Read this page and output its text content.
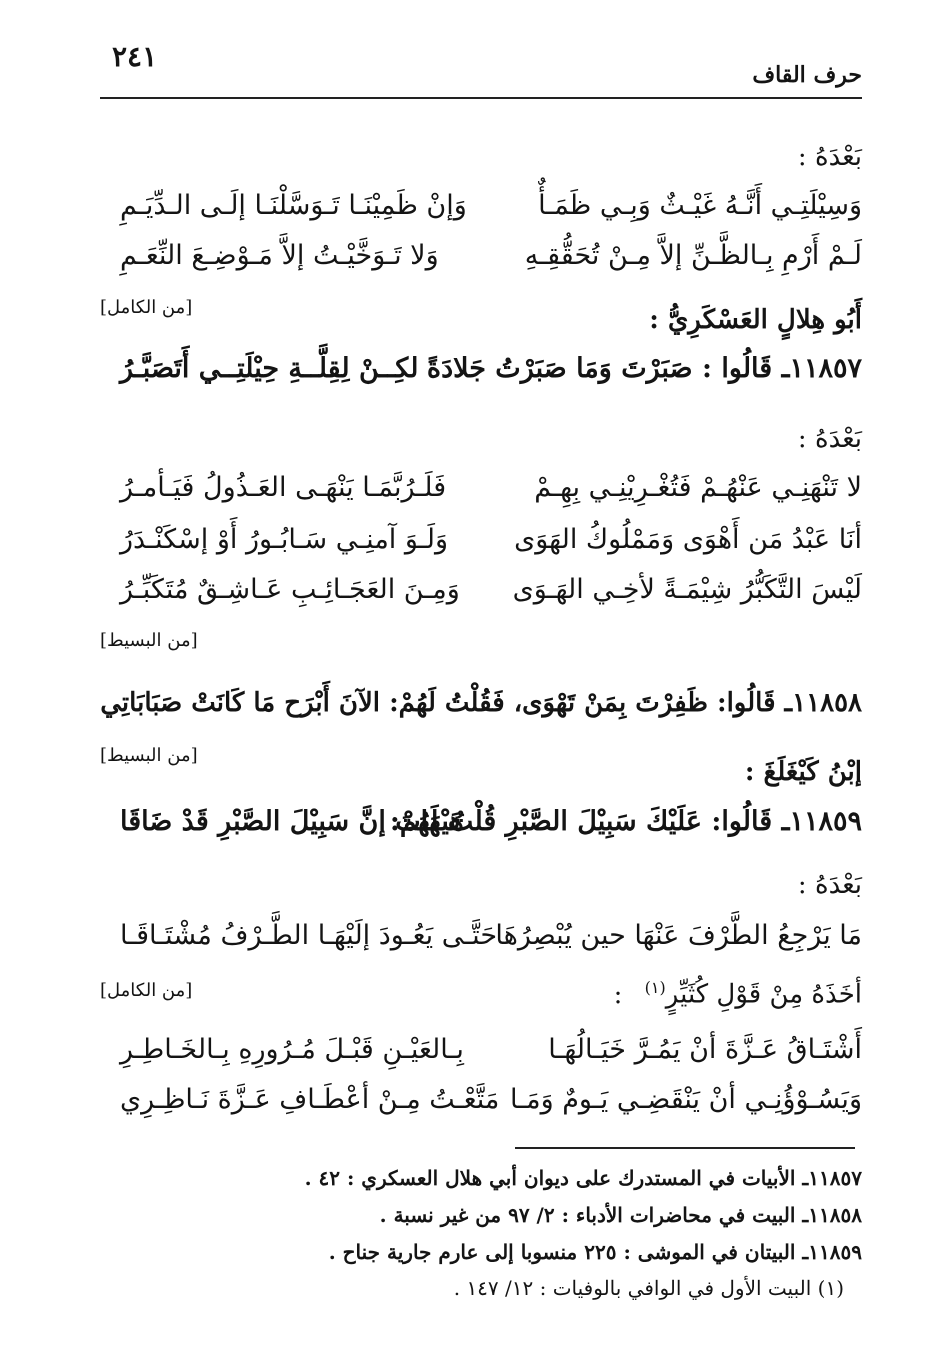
٢٤١
حرف القاف
بَعْدَهُ :
وَسِيْلَتِـي أَنَّـهُ غَيْـثٌ وَبِـي ظَمَـأٌ
وَإنْ ظَمِيْنَـا تَـوَسَّلْنَـا إلَـى الـدِّيَـمِ
لَـمْ أَرْمِ بِـالظَّـنِّ إلاَّ مِـنْ تُحَقُّقِـهِ
وَلا تَـوَخَّيْـتُ إلاَّ مَـوْضِـعَ النِّعَـمِ
[من الكامل]	أَبُو هِلالٍ العَسْكَرِيُّ :
١١٨٥٧ـ قَالُوا : صَبَرْتَ وَمَا صَبَرْتُ جَلادَةً
لكِــنْ لِقِلَّــةِ حِيْلَتِــي أَتَصَبَّـرُ
بَعْدَهُ :
لا تَنْهَنِـي عَنْهُـمْ فَتُغْـرِيْنِـي بِهِـمْ
فَلَـرُبَّمَـا يَنْهَـى العَـذُولُ فَيَـأمـرُ
أنَا عَبْدُ مَن أَهْوَى وَمَمْلُوكُ الهَوَى
وَلَـوَ آمنِـي سَـابُـورُ أَوْ إسْكَنْـدَرُ
لَيْسَ التَّكَبُّرُ شِيْمَـةً لأخِـي الهَـوَى
وَمِـنَ العَجَـائِـبِ عَـاشِـقٌ مُتَكَبِّـرُ
[من البسيط]
١١٨٥٨ـ قَالُوا: ظَفِرْتَ بِمَنْ تَهْوَى، فَقُلْتُ لَهُمْ: الآنَ أَبْرَح مَا كَانَتْ صَبَابَاتِي
[من البسيط]
إبْنُ كَيْغَلَغَ :
١١٨٥٩ـ قَالُوا: عَلَيْكَ سَبِيْلَ الصَّبْرِ قُلْتُ لَهُمْ:
هَيْهَاتَ إنَّ سَبِيْلَ الصَّبْرِ قَدْ ضَاقَا
بَعْدَهُ :
مَا يَرْجِعُ الطَّرْفَ عَنْهَا حين يُبْصِرُهَا
حَتَّـى يَعُـودَ إلَيْهَـا الطَّـرْفُ مُشْتَـاقَـا
[من الكامل]	أخَذَهُ مِنْ قَوْلِ كُثَيِّرٍ$^{(١)}$ :
أَشْتَـاقُ عَـزَّةَ أنْ يَمُـرَّ خَيَـالُهَـا
بِـالعَيْـنِ قَبْـلَ مُـرُورِهِ بِـالخَـاطِـرِ
وَيَسُـوْؤُنِـي أنْ يَنْقَضِـي يَـومٌ وَمَـا
مَتَّعْـتُ مِـنْ أعْطَـافِ عَـزَّةَ نَـاظِـرِي
١١٨٥٧ـ الأبيات في المستدرك على ديوان أبي هلال العسكري : ٤٢ .
١١٨٥٨ـ البيت في محاضرات الأدباء : ٢/ ٩٧ من غير نسبة .
١١٨٥٩ـ البيتان في الموشى : ٢٢٥ منسوبا إلى عارم جارية جناح .
(١) البيت الأول في الوافي بالوفيات : ١٢/ ١٤٧ .
